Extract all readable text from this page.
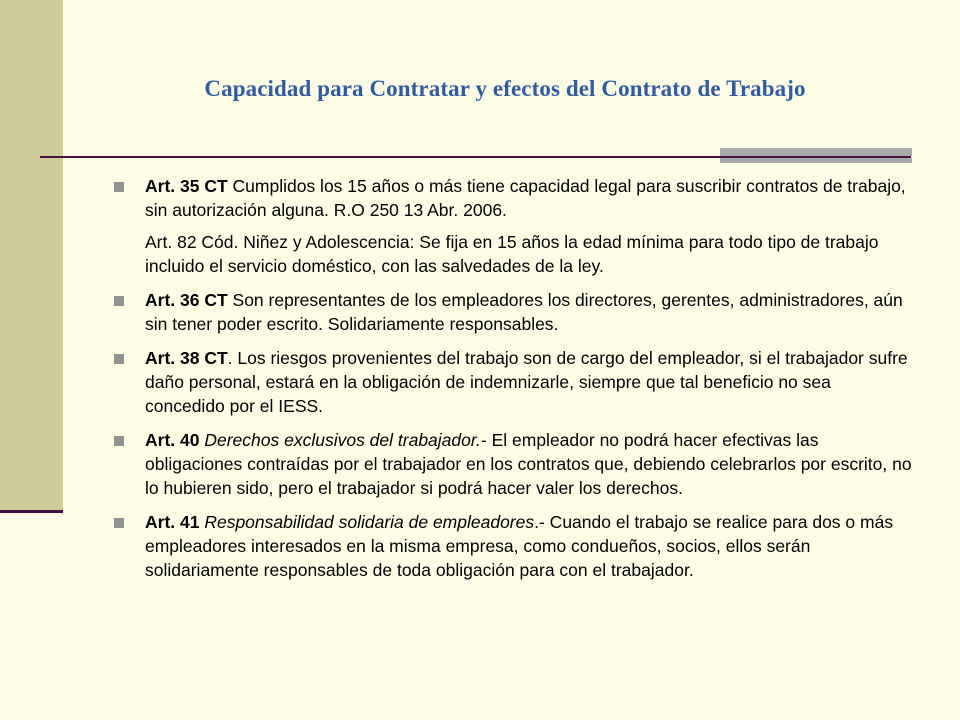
Capacidad para Contratar y efectos del Contrato de Trabajo
Art. 35 CT Cumplidos los 15 años o más tiene capacidad legal para suscribir contratos de trabajo, sin autorización alguna. R.O 250 13 Abr. 2006.
Art. 82 Cód. Niñez y Adolescencia: Se fija en 15 años la edad mínima para todo tipo de trabajo incluido el servicio doméstico, con las salvedades de la ley.
Art. 36 CT Son representantes de los empleadores los directores, gerentes, administradores, aún sin tener poder escrito. Solidariamente responsables.
Art. 38 CT. Los riesgos provenientes del trabajo son de cargo del empleador, si el trabajador sufre daño personal, estará en la obligación de indemnizarle, siempre que tal beneficio no sea concedido por el IESS.
Art. 40 Derechos exclusivos del trabajador.- El empleador no podrá hacer efectivas las obligaciones contraídas por el trabajador en los contratos que, debiendo celebrarlos por escrito, no lo hubieren sido, pero el trabajador si podrá hacer valer los derechos.
Art. 41 Responsabilidad solidaria de empleadores.- Cuando el trabajo se realice para dos o más empleadores interesados en la misma empresa, como condueños, socios, ellos serán solidariamente responsables de toda obligación para con el trabajador.
